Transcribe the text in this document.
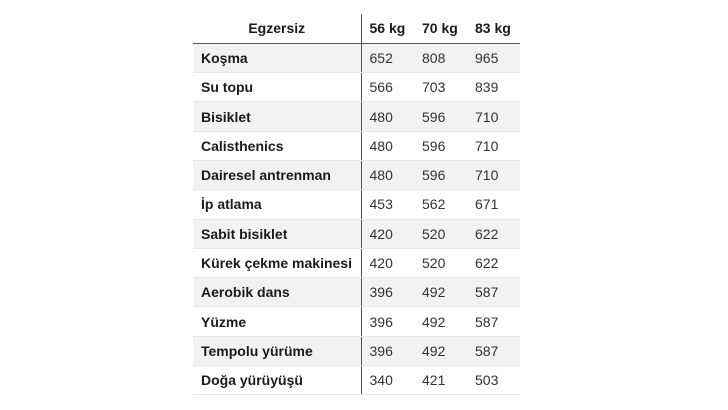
Egzersiz	56 kg	70 kg	83 kg
Koşma	652	808	965
Su topu	566	703	839
Bisiklet	480	596	710
Calisthenics	480	596	710
Dairesel antrenman	480	596	710
İp atlama	453	562	671
Sabit bisiklet	420	520	622
Kürek çekme makinesi	420	520	622
Aerobik dans	396	492	587
Yüzme	396	492	587
Tempolu yürüme	396	492	587
Doğa yürüyüşü	340	421	503
